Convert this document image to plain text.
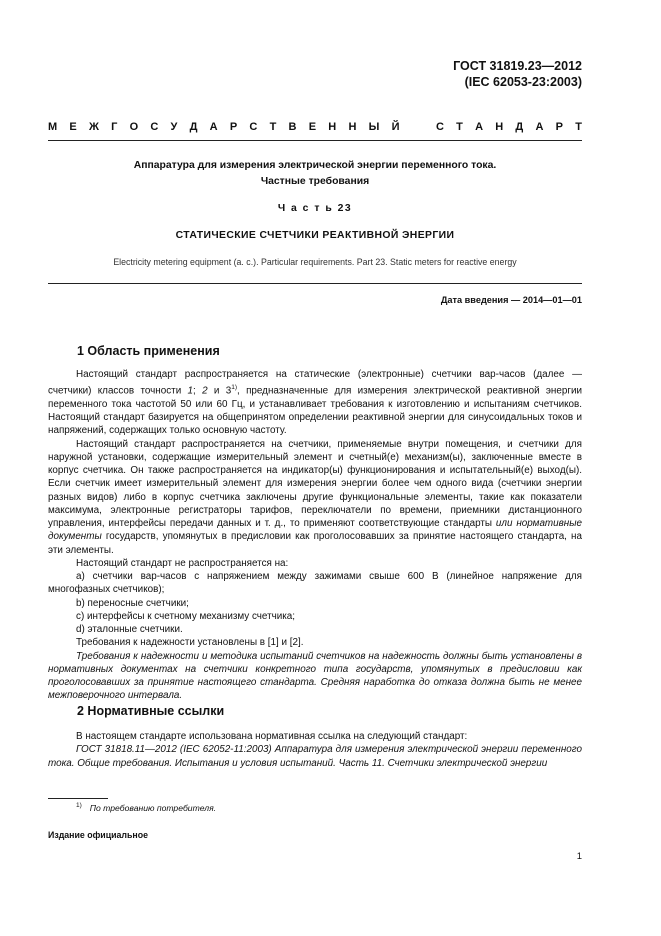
ГОСТ 31819.23—2012
(IEC 62053-23:2003)
М Е Ж Г О С У Д А Р С Т В Е Н Н Ы Й	С Т А Н Д А Р Т
Аппаратура для измерения электрической энергии переменного тока.
Частные требования
Ч а с т ь 23
СТАТИЧЕСКИЕ СЧЕТЧИКИ РЕАКТИВНОЙ ЭНЕРГИИ
Electricity metering equipment (a. c.). Particular requirements. Part 23. Static meters for reactive energy
Дата введения — 2014—01—01
1 Область применения

Настоящий стандарт распространяется на статические (электронные) счетчики вар-часов (далее — счетчики) классов точности 1; 2 и 3$^{1)}$, предназначенные для измерения электрической реактивной энергии переменного тока частотой 50 или 60 Гц, и устанавливает требования к изготовлению и испытаниям счетчиков. Настоящий стандарт базируется на общепринятом определении реактивной энергии для синусоидальных токов и напряжений, содержащих только основную частоту.

Настоящий стандарт распространяется на счетчики, применяемые внутри помещения, и счетчики для наружной установки, содержащие измерительный элемент и счетный(е) механизм(ы), заключенные вместе в корпус счетчика. Он также распространяется на индикатор(ы) функционирования и испытательный(е) выход(ы). Если счетчик имеет измерительный элемент для измерения энергии более чем одного вида (счетчики энергии разных видов) либо в корпус счетчика заключены другие функциональные элементы, такие как показатели максимума, электронные регистраторы тарифов, переключатели по времени, приемники дистанционного управления, интерфейсы передачи данных и т. д., то применяют соответствующие стандарты или нормативные документы государств, упомянутых в предисловии как проголосовавших за принятие настоящего стандарта, на эти элементы.

Настоящий стандарт не распространяется на:

a) счетчики вар-часов с напряжением между зажимами свыше 600 В (линейное напряжение для многофазных счетчиков);

b) переносные счетчики;

c) интерфейсы к счетному механизму счетчика;

d) эталонные счетчики.

Требования к надежности установлены в [1] и [2].

Требования к надежности и методика испытаний счетчиков на надежность должны быть установлены в нормативных документах на счетчики конкретного типа государств, упомянутых в предисловии как проголосовавших за принятие настоящего стандарта. Средняя наработка до отказа должна быть не менее межповерочного интервала.

2 Нормативные ссылки

В настоящем стандарте использована нормативная ссылка на следующий стандарт:

ГОСТ 31818.11—2012 (IEC 62052-11:2003) Аппаратура для измерения электрической энергии переменного тока. Общие требования. Испытания и условия испытаний. Часть 11. Счетчики электрической энергии

$^{1)}$ По требованию потребителя.
Издание официальное
1
